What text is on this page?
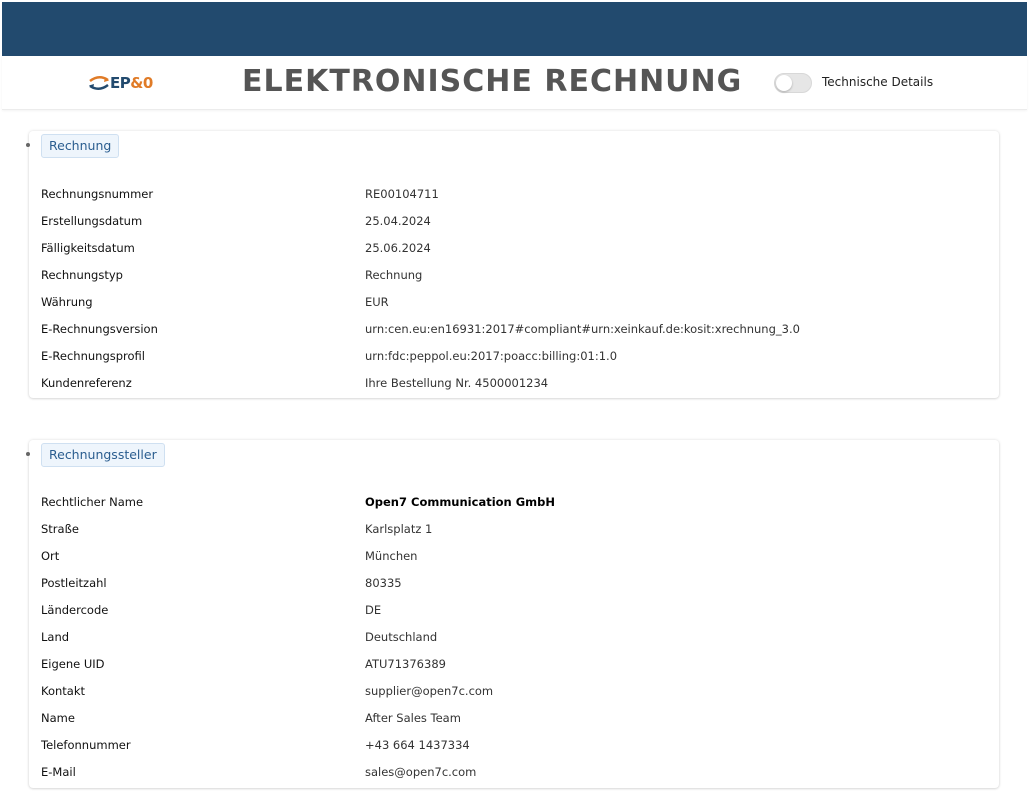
EP&0	ELEKTRONISCHE RECHNUNG	Technische Details
Rechnung
Rechnungsnummer	RE00104711
Erstellungsdatum	25.04.2024
Fälligkeitsdatum	25.06.2024
Rechnungstyp	Rechnung
Währung	EUR
E-Rechnungsversion	urn:cen.eu:en16931:2017#compliant#urn:xeinkauf.de:kosit:xrechnung_3.0
E-Rechnungsprofil	urn:fdc:peppol.eu:2017:poacc:billing:01:1.0
Kundenreferenz	Ihre Bestellung Nr. 4500001234
Rechnungssteller
Rechtlicher Name	Open7 Communication GmbH
Straße	Karlsplatz 1
Ort	München
Postleitzahl	80335
Ländercode	DE
Land	Deutschland
Eigene UID	ATU71376389
Kontakt	supplier@open7c.com
Name	After Sales Team
Telefonnummer	+43 664 1437334
E-Mail	sales@open7c.com
